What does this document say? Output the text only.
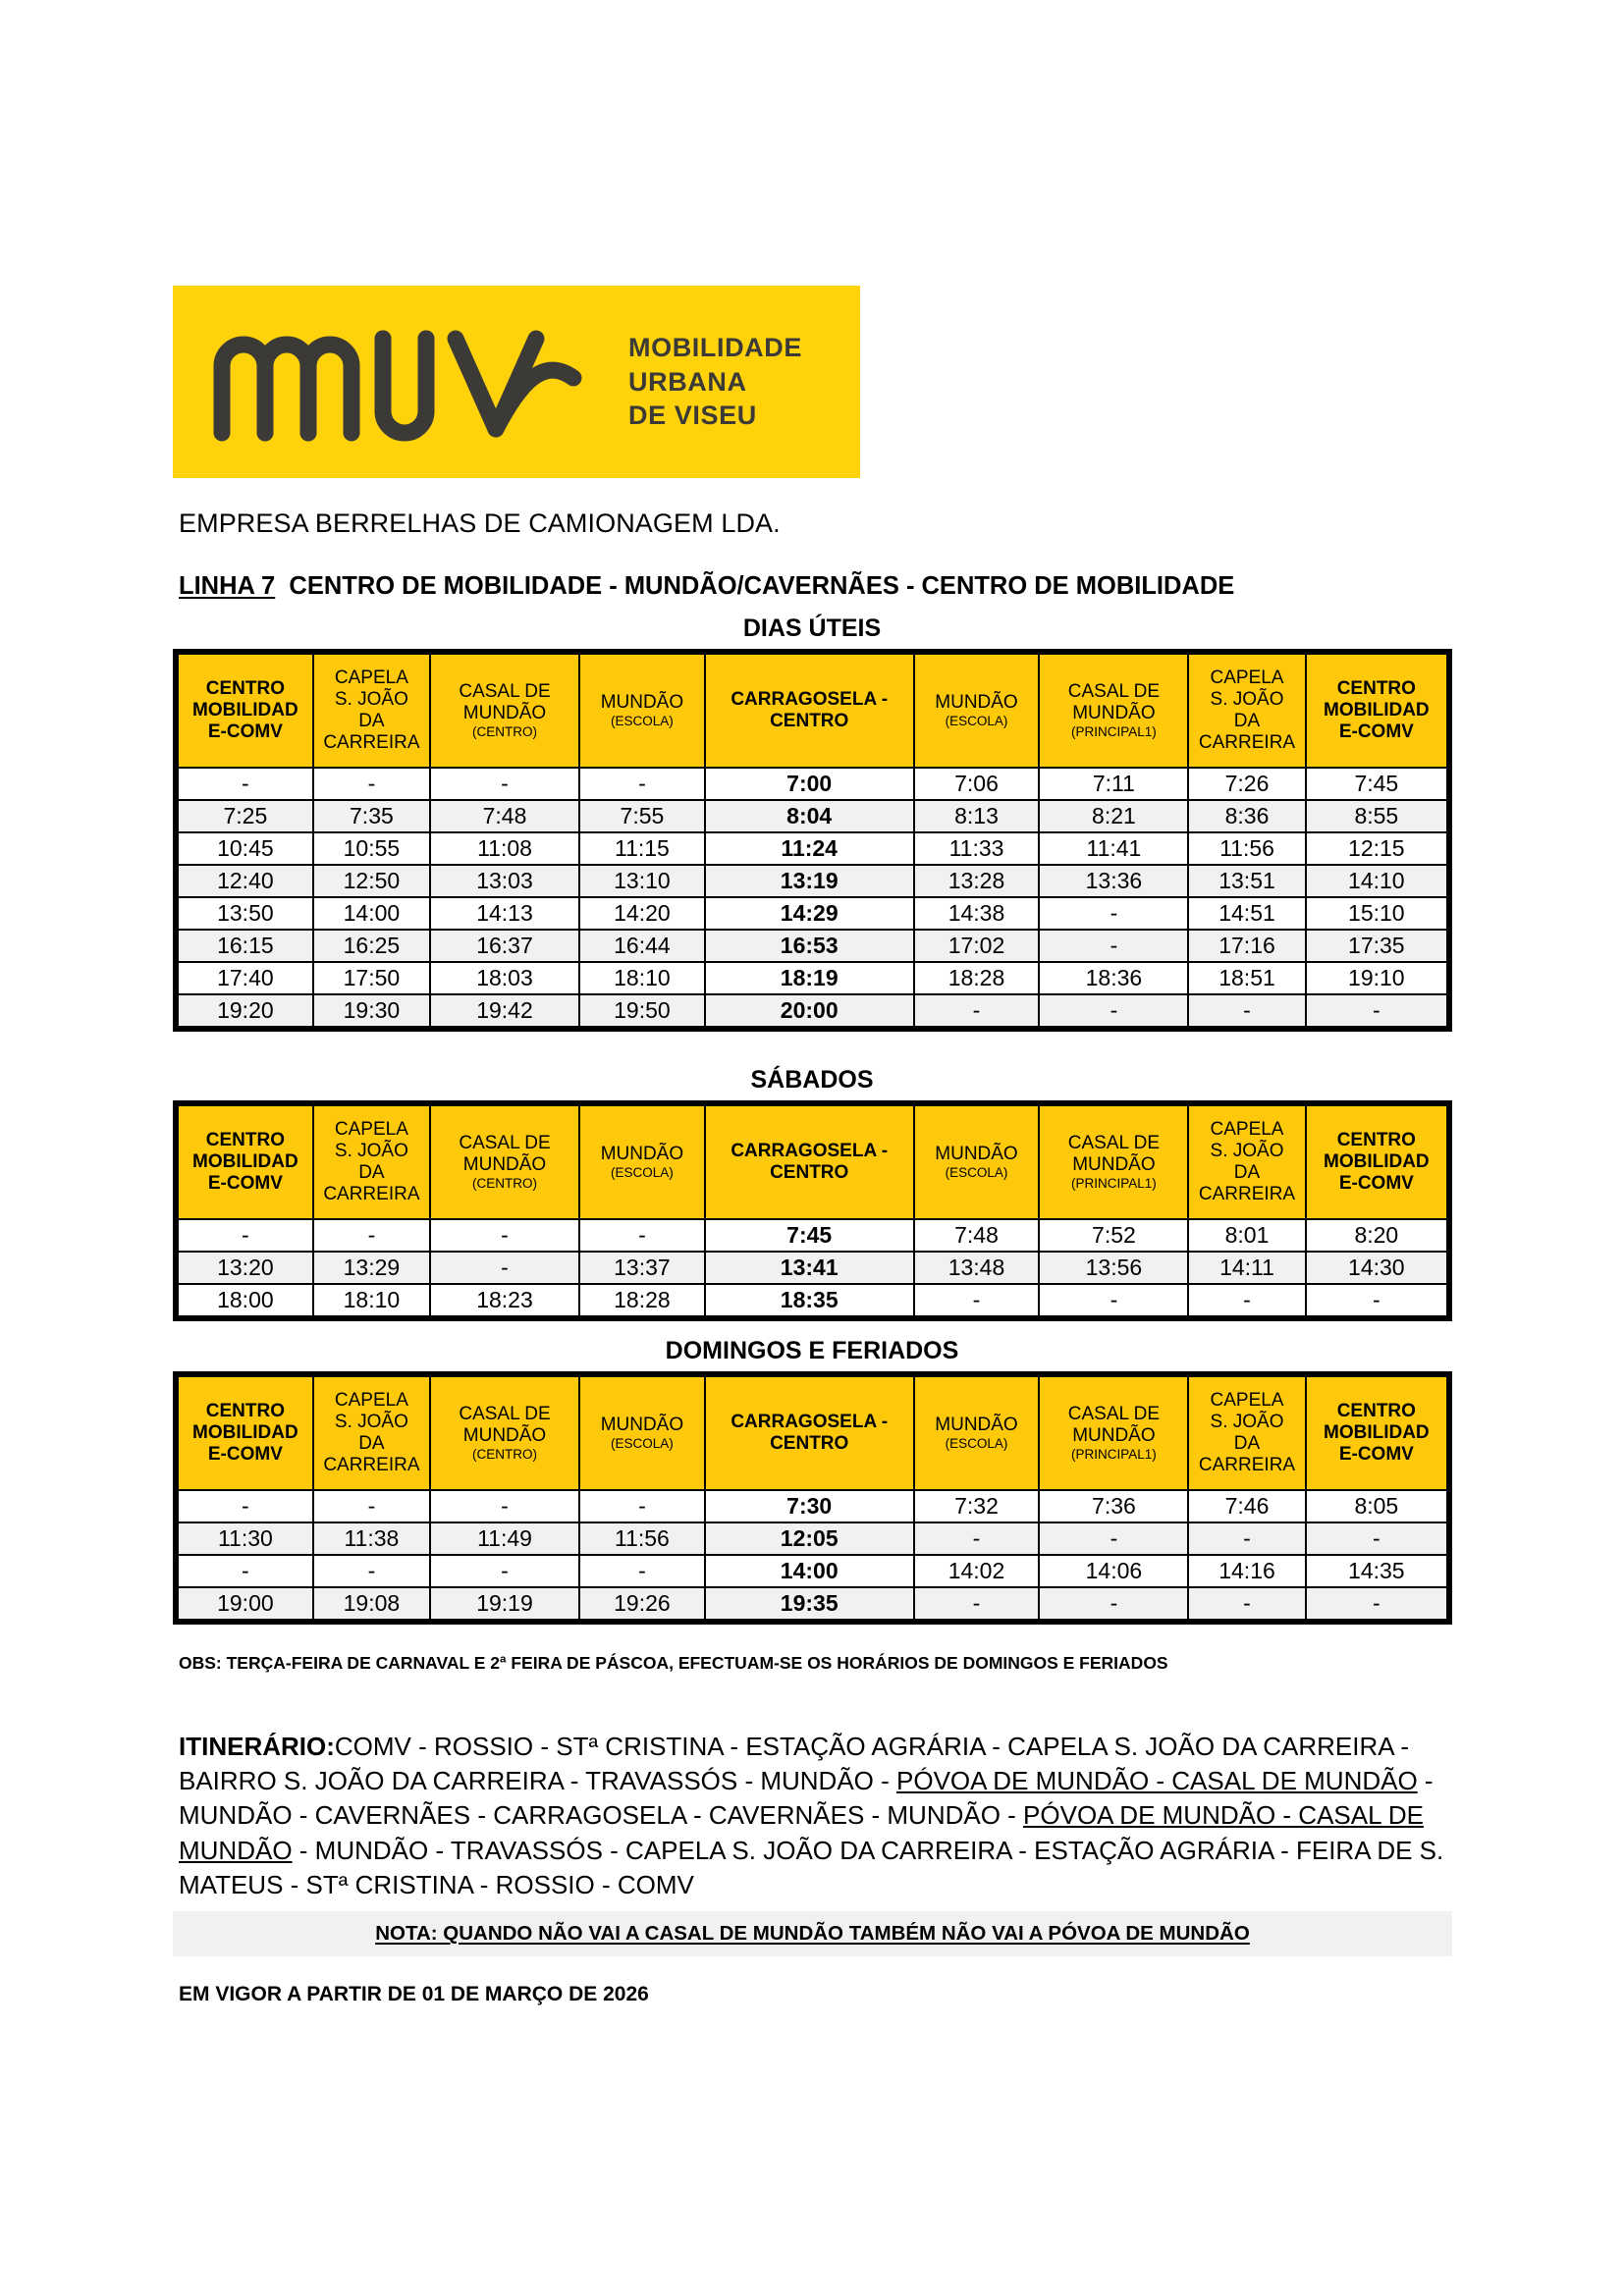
MOBILIDADE
URBANA
DE VISEU
EMPRESA BERRELHAS DE CAMIONAGEM LDA.
LINHA 7 CENTRO DE MOBILIDADE - MUNDÃO/CAVERNÃES - CENTRO DE MOBILIDADE
DIAS ÚTEIS
CENTRO
MOBILIDAD
E-COMV

CAPELA
S. JOÃO
DA
CARREIRA

CASAL DE
MUNDÃO
(CENTRO)

MUNDÃO
(ESCOLA)

CARRAGOSELA -
CENTRO

MUNDÃO
(ESCOLA)

CASAL DE
MUNDÃO
(PRINCIPAL1)

CAPELA
S. JOÃO
DA
CARREIRA

CENTRO
MOBILIDAD
E-COMV

-	-	-	-	7:00	7:06	7:11	7:26	7:45
7:25	7:35	7:48	7:55	8:04	8:13	8:21	8:36	8:55
10:45	10:55	11:08	11:15	11:24	11:33	11:41	11:56	12:15
12:40	12:50	13:03	13:10	13:19	13:28	13:36	13:51	14:10
13:50	14:00	14:13	14:20	14:29	14:38	-	14:51	15:10
16:15	16:25	16:37	16:44	16:53	17:02	-	17:16	17:35
17:40	17:50	18:03	18:10	18:19	18:28	18:36	18:51	19:10
19:20	19:30	19:42	19:50	20:00	-	-	-	-
SÁBADOS
CENTRO
MOBILIDAD
E-COMV

CAPELA
S. JOÃO
DA
CARREIRA

CASAL DE
MUNDÃO
(CENTRO)

MUNDÃO
(ESCOLA)

CARRAGOSELA -
CENTRO

MUNDÃO
(ESCOLA)

CASAL DE
MUNDÃO
(PRINCIPAL1)

CAPELA
S. JOÃO
DA
CARREIRA

CENTRO
MOBILIDAD
E-COMV

-	-	-	-	7:45	7:48	7:52	8:01	8:20
13:20	13:29	-	13:37	13:41	13:48	13:56	14:11	14:30
18:00	18:10	18:23	18:28	18:35	-	-	-	-
DOMINGOS E FERIADOS
CENTRO
MOBILIDAD
E-COMV

CAPELA
S. JOÃO
DA
CARREIRA

CASAL DE
MUNDÃO
(CENTRO)

MUNDÃO
(ESCOLA)

CARRAGOSELA -
CENTRO

MUNDÃO
(ESCOLA)

CASAL DE
MUNDÃO
(PRINCIPAL1)

CAPELA
S. JOÃO
DA
CARREIRA

CENTRO
MOBILIDAD
E-COMV

-	-	-	-	7:30	7:32	7:36	7:46	8:05
11:30	11:38	11:49	11:56	12:05	-	-	-	-
-	-	-	-	14:00	14:02	14:06	14:16	14:35
19:00	19:08	19:19	19:26	19:35	-	-	-	-
OBS: TERÇA-FEIRA DE CARNAVAL E 2ª FEIRA DE PÁSCOA, EFECTUAM-SE OS HORÁRIOS DE DOMINGOS E FERIADOS
ITINERÁRIO:COMV - ROSSIO - STª CRISTINA - ESTAÇÃO AGRÁRIA - CAPELA S. JOÃO DA CARREIRA - BAIRRO S. JOÃO DA CARREIRA - TRAVASSÓS - MUNDÃO - PÓVOA DE MUNDÃO - CASAL DE MUNDÃO - MUNDÃO - CAVERNÃES - CARRAGOSELA - CAVERNÃES - MUNDÃO - PÓVOA DE MUNDÃO - CASAL DE MUNDÃO - MUNDÃO - TRAVASSÓS - CAPELA S. JOÃO DA CARREIRA - ESTAÇÃO AGRÁRIA - FEIRA DE S. MATEUS - STª CRISTINA - ROSSIO - COMV
NOTA: QUANDO NÃO VAI A CASAL DE MUNDÃO TAMBÉM NÃO VAI A PÓVOA DE MUNDÃO
EM VIGOR A PARTIR DE 01 DE MARÇO DE 2026
